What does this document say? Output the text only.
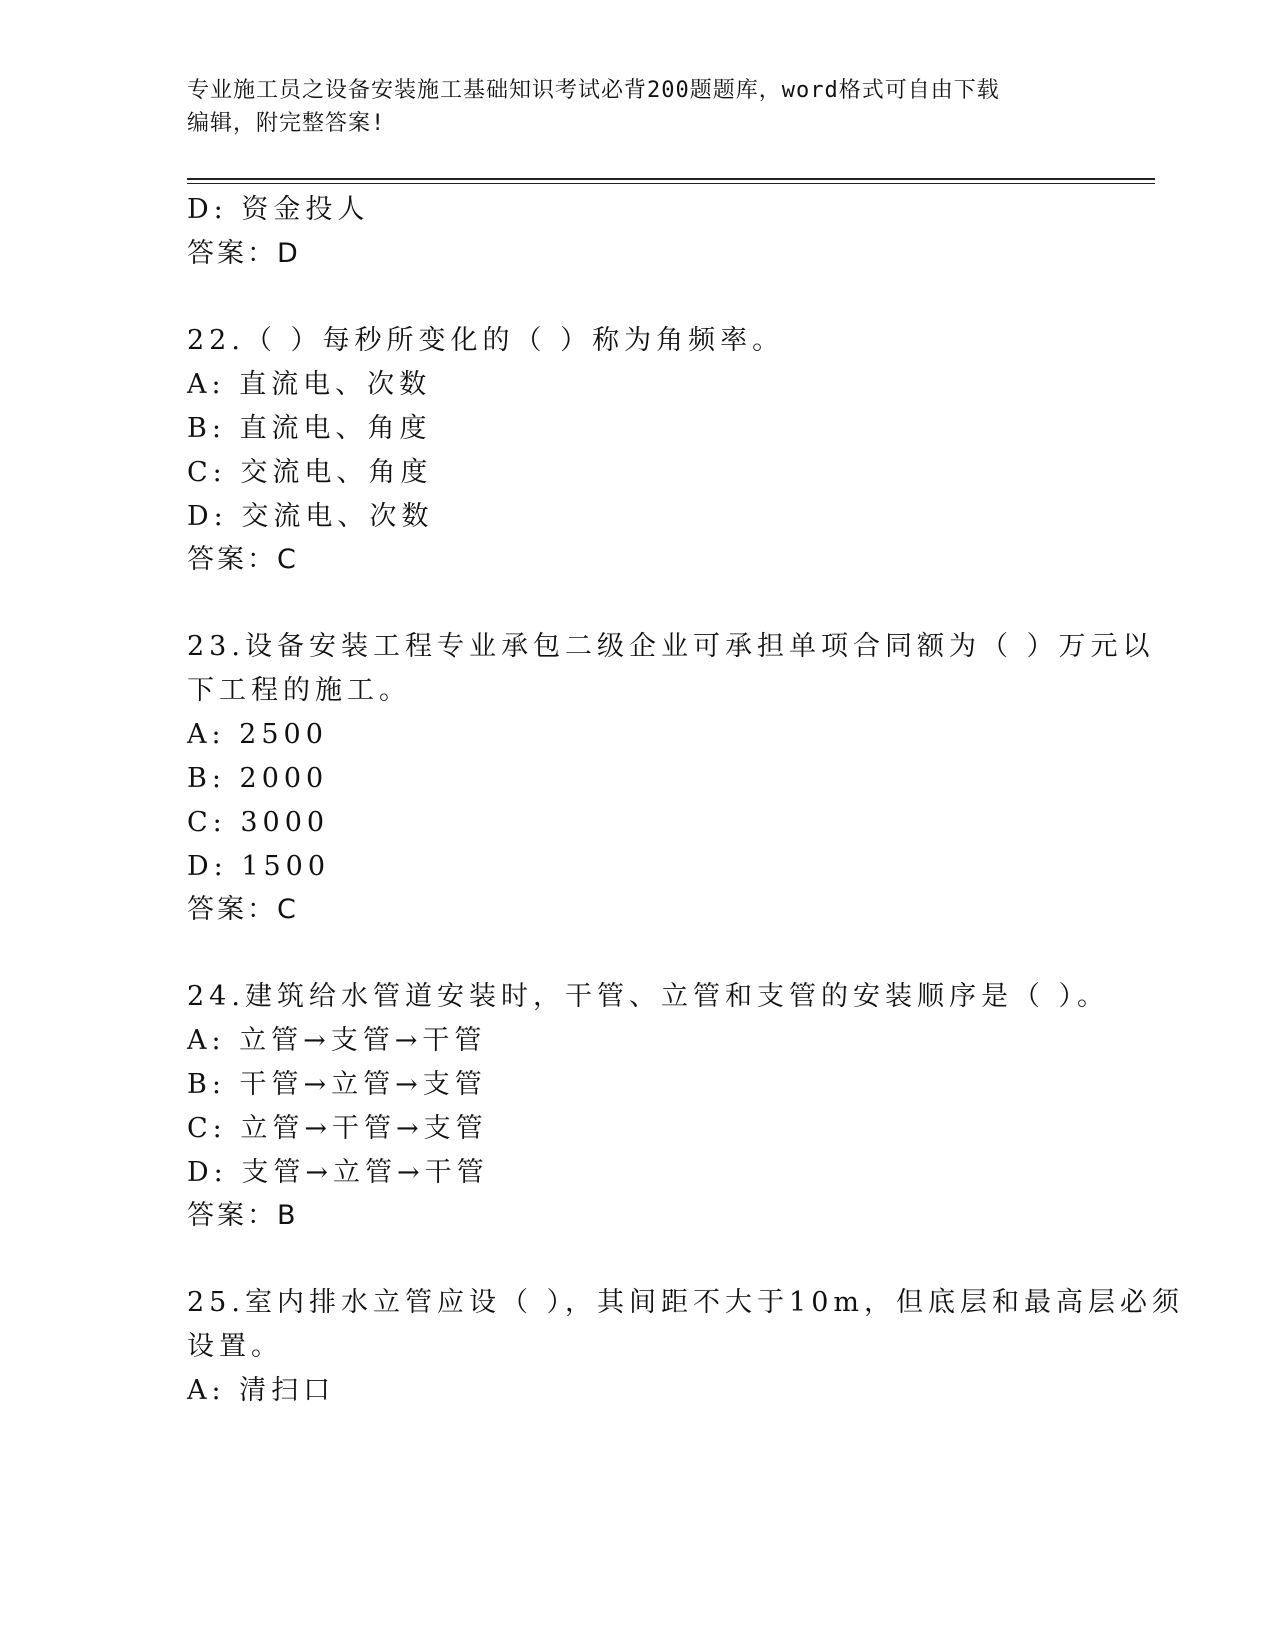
专业施工员之设备安装施工基础知识考试必背200题题库，word格式可自由下载
编辑，附完整答案!
D: 资金投人
答案：D
22.（ ）每秒所变化的（ ）称为角频率。
A: 直流电、次数
B: 直流电、角度
C: 交流电、角度
D: 交流电、次数
答案：C
23.设备安装工程专业承包二级企业可承担单项合同额为（ ）万元以
下工程的施工。
A: 2500
B: 2000
C: 3000
D: 1500
答案：C
24.建筑给水管道安装时，干管、立管和支管的安装顺序是（ ）。
A: 立管→支管→干管
B: 干管→立管→支管
C: 立管→干管→支管
D: 支管→立管→干管
答案：B
25.室内排水立管应设（ ），其间距不大于10m，但底层和最高层必须
设置。
A: 清扫口
